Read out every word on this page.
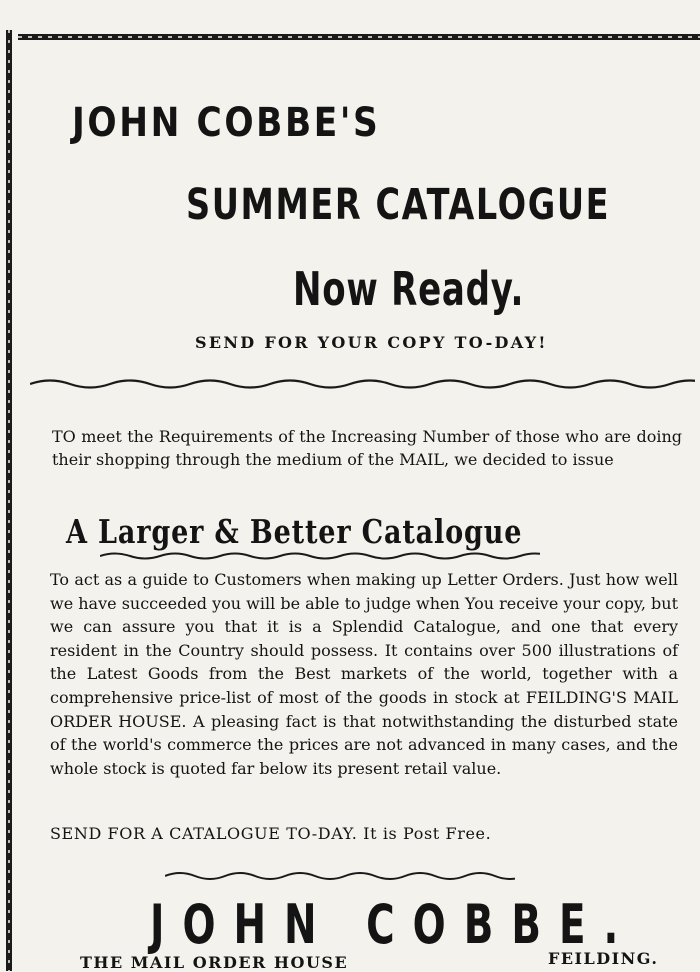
JOHN COBBE'S
SUMMER CATALOGUE
Now Ready.

SEND FOR YOUR COPY TO-DAY!

TO meet the Requirements of the Increasing Number of those who are doing their shopping through the medium of the MAIL, we decided to issue

A Larger & Better Catalogue

To act as a guide to Customers when making up Letter Orders. Just how well we have succeeded you will be able to judge when You receive your copy, but we can assure you that it is a Splendid Catalogue, and one that every resident in the Country should possess. It contains over 500 illustrations of the Latest Goods from the Best markets of the world, together with a comprehensive price-list of most of the goods in stock at FEILDING'S MAIL ORDER HOUSE. A pleasing fact is that notwithstanding the disturbed state of the world's commerce the prices are not advanced in many cases, and the whole stock is quoted far below its present retail value.

SEND FOR A CATALOGUE TO-DAY. It is Post Free.

JOHN COBBE.

THE MAIL ORDER HOUSE	FEILDING.
